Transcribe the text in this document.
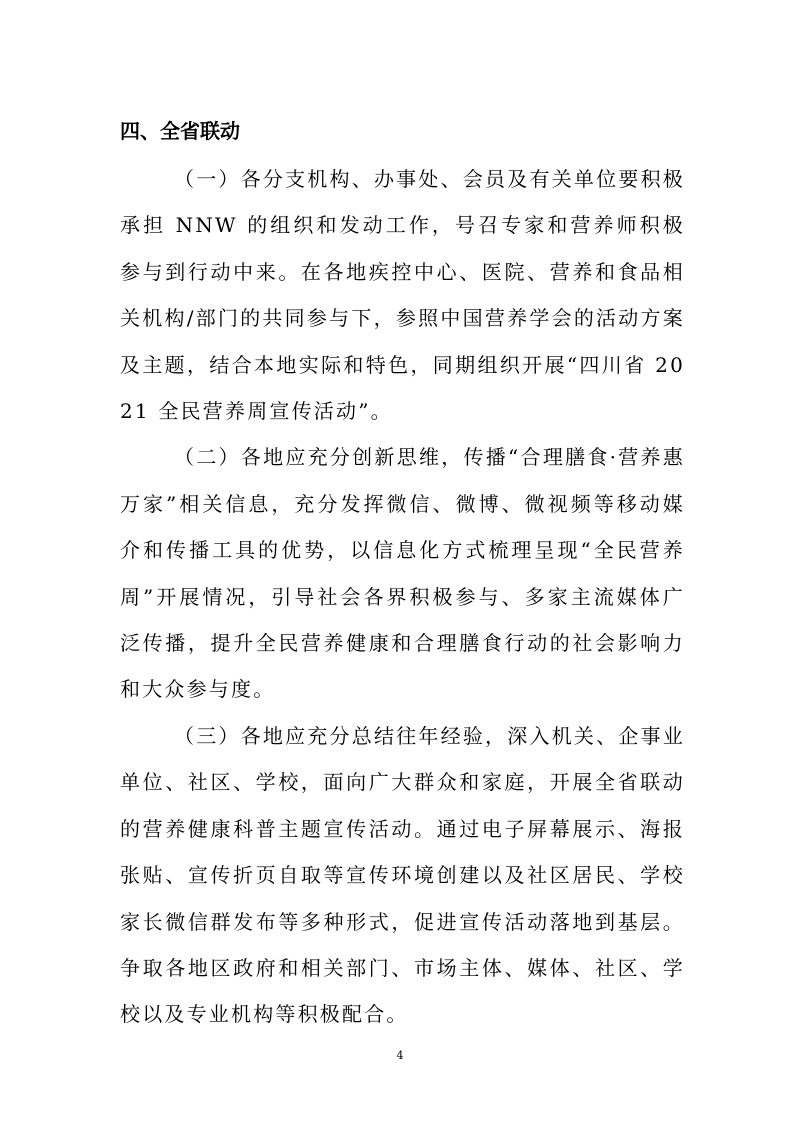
四、全省联动

（一）各分支机构、办事处、会员及有关单位要积极承担 NNW 的组织和发动工作，号召专家和营养师积极参与到行动中来。在各地疾控中心、医院、营养和食品相关机构/部门的共同参与下，参照中国营养学会的活动方案及主题，结合本地实际和特色，同期组织开展“四川省 2021 全民营养周宣传活动”。

（二）各地应充分创新思维，传播“合理膳食·营养惠万家”相关信息，充分发挥微信、微博、微视频等移动媒介和传播工具的优势，以信息化方式梳理呈现“全民营养周”开展情况，引导社会各界积极参与、多家主流媒体广泛传播，提升全民营养健康和合理膳食行动的社会影响力和大众参与度。

（三）各地应充分总结往年经验，深入机关、企事业单位、社区、学校，面向广大群众和家庭，开展全省联动的营养健康科普主题宣传活动。通过电子屏幕展示、海报张贴、宣传折页自取等宣传环境创建以及社区居民、学校家长微信群发布等多种形式，促进宣传活动落地到基层。争取各地区政府和相关部门、市场主体、媒体、社区、学校以及专业机构等积极配合。

4
